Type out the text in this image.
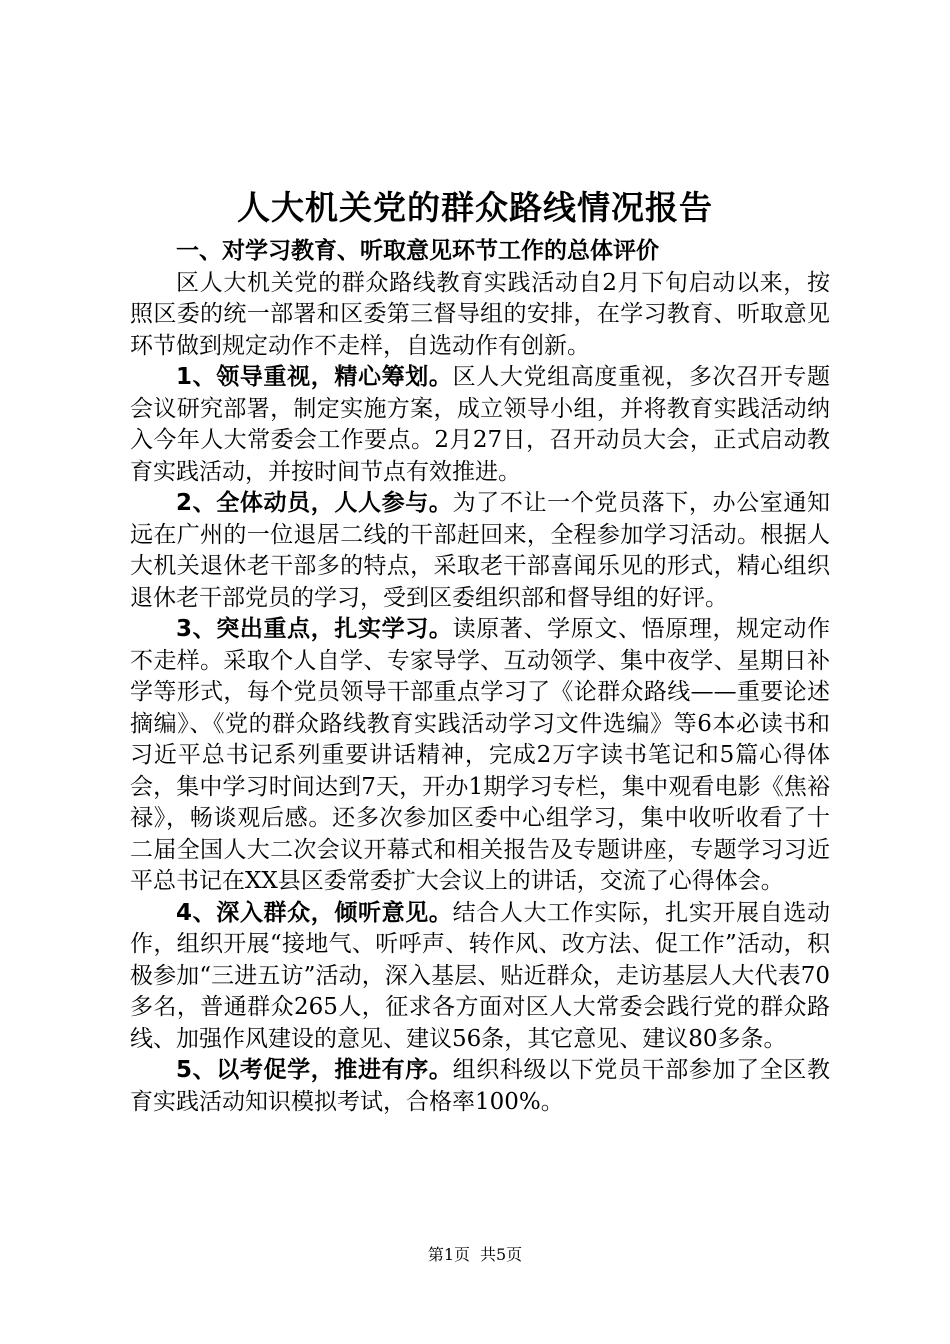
人大机关党的群众路线情况报告

一、对学习教育、听取意见环节工作的总体评价

区人大机关党的群众路线教育实践活动自2月下旬启动以来，按照区委的统一部署和区委第三督导组的安排，在学习教育、听取意见环节做到规定动作不走样，自选动作有创新。

1、领导重视，精心筹划。区人大党组高度重视，多次召开专题会议研究部署，制定实施方案，成立领导小组，并将教育实践活动纳入今年人大常委会工作要点。2月27日，召开动员大会，正式启动教育实践活动，并按时间节点有效推进。

2、全体动员，人人参与。为了不让一个党员落下，办公室通知远在广州的一位退居二线的干部赶回来，全程参加学习活动。根据人大机关退休老干部多的特点，采取老干部喜闻乐见的形式，精心组织退休老干部党员的学习，受到区委组织部和督导组的好评。

3、突出重点，扎实学习。读原著、学原文、悟原理，规定动作不走样。采取个人自学、专家导学、互动领学、集中夜学、星期日补学等形式，每个党员领导干部重点学习了《论群众路线——重要论述摘编》、《党的群众路线教育实践活动学习文件选编》等6本必读书和习近平总书记系列重要讲话精神，完成2万字读书笔记和5篇心得体会，集中学习时间达到7天，开办1期学习专栏，集中观看电影《焦裕禄》，畅谈观后感。还多次参加区委中心组学习，集中收听收看了十二届全国人大二次会议开幕式和相关报告及专题讲座，专题学习习近平总书记在XX县区委常委扩大会议上的讲话，交流了心得体会。

4、深入群众，倾听意见。结合人大工作实际，扎实开展自选动作，组织开展“接地气、听呼声、转作风、改方法、促工作”活动，积极参加“三进五访”活动，深入基层、贴近群众，走访基层人大代表70多名，普通群众265人，征求各方面对区人大常委会践行党的群众路线、加强作风建设的意见、建议56条，其它意见、建议80多条。

5、以考促学，推进有序。组织科级以下党员干部参加了全区教育实践活动知识模拟考试，合格率100%。

第1页 共5页
